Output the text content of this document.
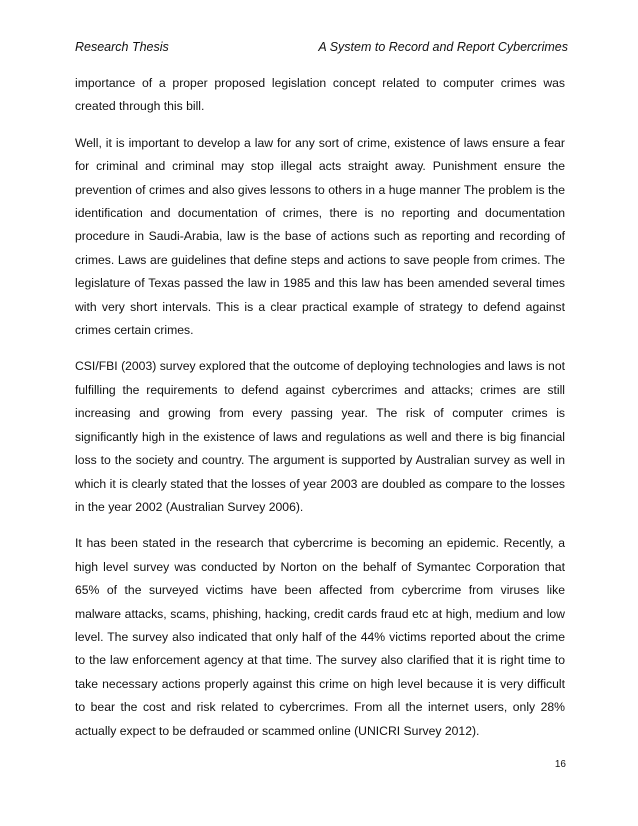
Research Thesis	A System to Record and Report Cybercrimes

importance of a proper proposed legislation concept related to computer crimes was created through this bill.

Well, it is important to develop a law for any sort of crime, existence of laws ensure a fear for criminal and criminal may stop illegal acts straight away. Punishment ensure the prevention of crimes and also gives lessons to others in a huge manner The problem is the identification and documentation of crimes, there is no reporting and documentation procedure in Saudi-Arabia, law is the base of actions such as reporting and recording of crimes. Laws are guidelines that define steps and actions to save people from crimes. The legislature of Texas passed the law in 1985 and this law has been amended several times with very short intervals. This is a clear practical example of strategy to defend against crimes certain crimes.

CSI/FBI (2003) survey explored that the outcome of deploying technologies and laws is not fulfilling the requirements to defend against cybercrimes and attacks; crimes are still increasing and growing from every passing year. The risk of computer crimes is significantly high in the existence of laws and regulations as well and there is big financial loss to the society and country. The argument is supported by Australian survey as well in which it is clearly stated that the losses of year 2003 are doubled as compare to the losses in the year 2002 (Australian Survey 2006).

It has been stated in the research that cybercrime is becoming an epidemic. Recently, a high level survey was conducted by Norton on the behalf of Symantec Corporation that 65% of the surveyed victims have been affected from cybercrime from viruses like malware attacks, scams, phishing, hacking, credit cards fraud etc at high, medium and low level. The survey also indicated that only half of the 44% victims reported about the crime to the law enforcement agency at that time. The survey also clarified that it is right time to take necessary actions properly against this crime on high level because it is very difficult to bear the cost and risk related to cybercrimes. From all the internet users, only 28% actually expect to be defrauded or scammed online (UNICRI Survey 2012).

16
